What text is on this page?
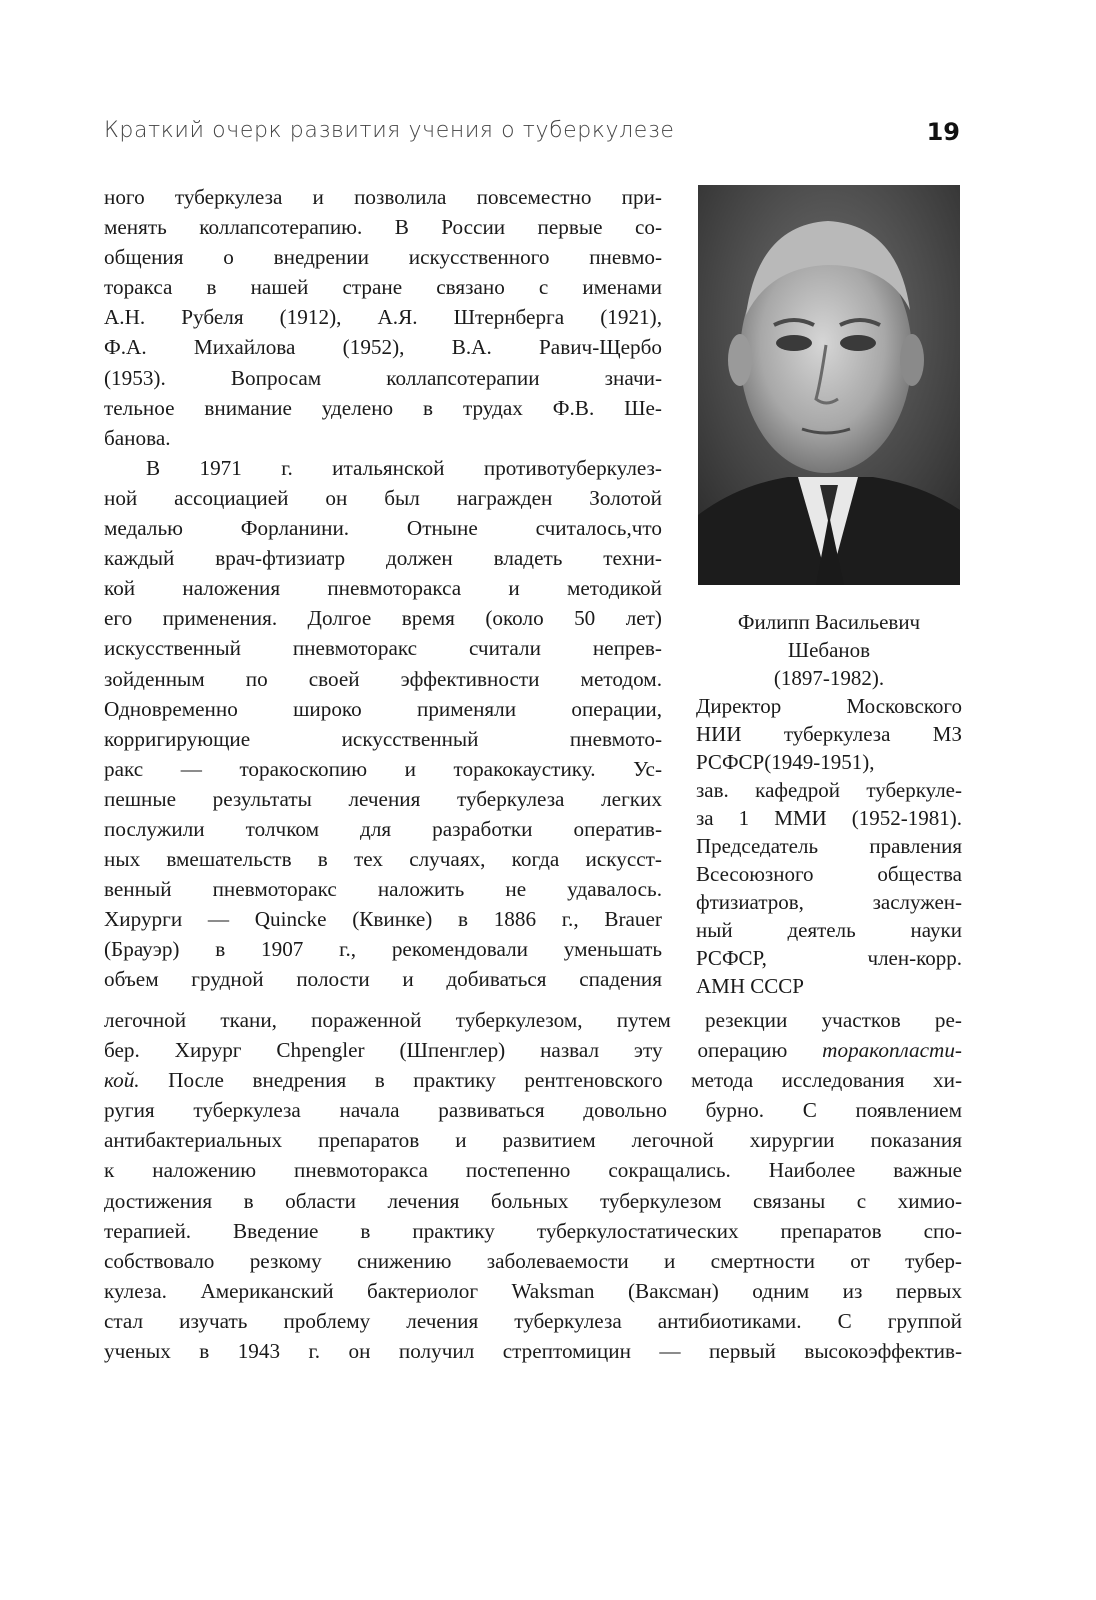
Краткий очерк развития учения о туберкулезе	19
ного туберкулеза и позволила повсеместно при-
менять коллапсотерапию. В России первые со-
общения о внедрении искусственного пневмо-
торакса в нашей стране связано с именами
А.Н. Рубеля (1912), А.Я. Штернберга (1921),
Ф.А. Михайлова (1952), В.А. Равич-Щербо
(1953). Вопросам коллапсотерапии значи-
тельное внимание уделено в трудах Ф.В. Ше-
банова.
В 1971 г. итальянской противотуберкулез-
ной ассоциацией он был награжден Золотой
медалью Форланини. Отныне считалось,что
каждый врач-фтизиатр должен владеть техни-
кой наложения пневмоторакса и методикой
его применения. Долгое время (около 50 лет)
искусственный пневмоторакс считали непрев-
зойденным по своей эффективности методом.
Одновременно широко применяли операции,
корригирующие искусственный пневмото-
ракс — торакоскопию и торакокаустику. Ус-
пешные результаты лечения туберкулеза легких
послужили толчком для разработки оператив-
ных вмешательств в тех случаях, когда искусст-
венный пневмоторакс наложить не удавалось.
Хирурги — Quincke (Квинке) в 1886 г., Brauer
(Брауэр) в 1907 г., рекомендовали уменьшать
объем грудной полости и добиваться спадения
Филипп Васильевич
Шебанов
(1897-1982).
Директор Московского
НИИ туберкулеза МЗ
РСФСР(1949-1951),
зав. кафедрой туберкуле-
за 1 ММИ (1952-1981).
Председатель правления
Всесоюзного общества
фтизиатров, заслужен-
ный деятель науки
РСФСР, член-корр.
АМН СССР
легочной ткани, пораженной туберкулезом, путем резекции участков ре-
бер. Хирург Chpengler (Шпенглер) назвал эту операцию торакопласти-
кой. После внедрения в практику рентгеновского метода исследования хи-
ругия туберкулеза начала развиваться довольно бурно. С появлением
антибактериальных препаратов и развитием легочной хирургии показания
к наложению пневмоторакса постепенно сокращались. Наиболее важные
достижения в области лечения больных туберкулезом связаны с химио-
терапией. Введение в практику туберкулостатических препаратов спо-
собствовало резкому снижению заболеваемости и смертности от тубер-
кулеза. Американский бактериолог Waksman (Ваксман) одним из первых
стал изучать проблему лечения туберкулеза антибиотиками. С группой
ученых в 1943 г. он получил стрептомицин — первый высокоэффектив-
